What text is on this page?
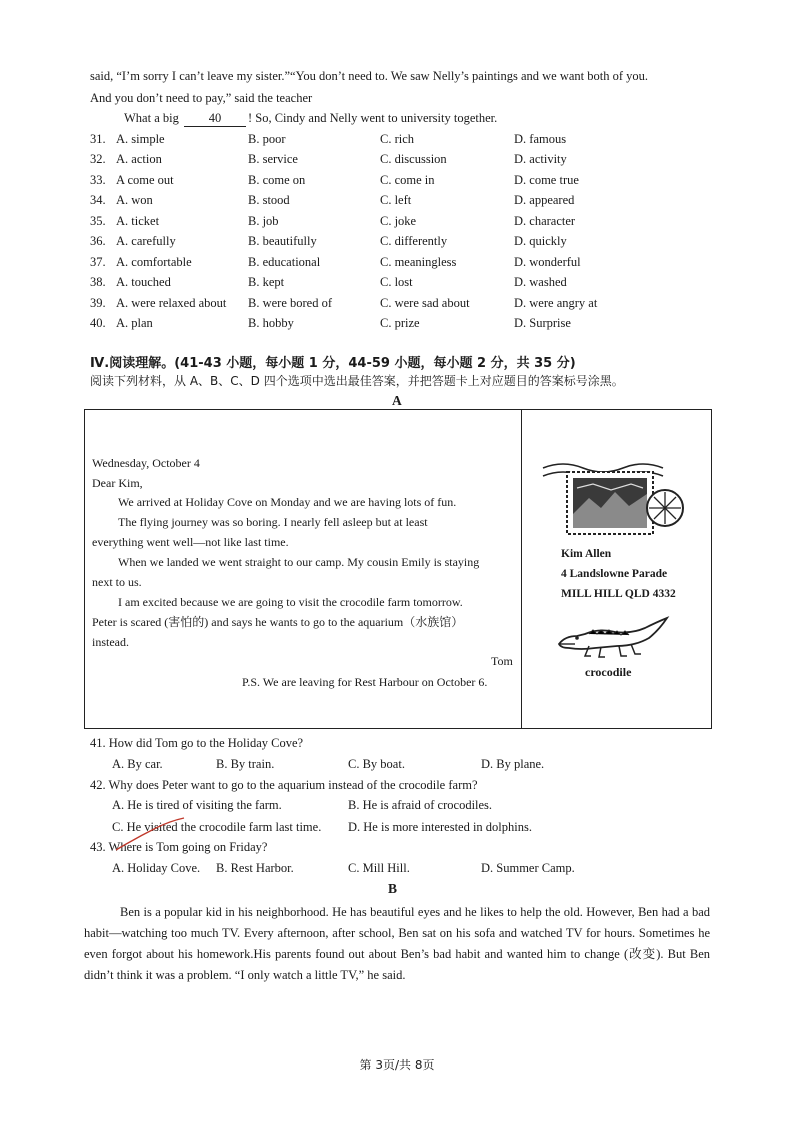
said, “I’m sorry I can’t leave my sister.”“You don’t need to. We saw Nelly’s paintings and we want both of you.
And you don’t need to pay,” said the teacher
What a big 40 ! So, Cindy and Nelly went to university together.
31. A. simple	B. poor	C. rich	D. famous
32. A. action	B. service	C. discussion	D. activity
33. A come out	B. come on	C. come in	D. come true
34. A. won	B. stood	C. left	D. appeared
35. A. ticket	B. job	C. joke	D. character
36. A. carefully	B. beautifully	C. differently	D. quickly
37. A. comfortable	B. educational	C. meaningless	D. wonderful
38. A. touched	B. kept	C. lost	D. washed
39. A. were relaxed about B. were bored of	C. were sad about	D. were angry at
40. A. plan	B. hobby	C. prize	D. Surprise
Ⅳ.阅读理解。(41-43 小题，每小题 1 分，44-59 小题，每小题 2 分，共 35 分)
阅读下列材料，从 A、B、C、D 四个选项中选出最佳答案，并把答题卡上对应题目的答案标号涂黑。
A
Wednesday, October 4
Dear Kim,
We arrived at Holiday Cove on Monday and we are having lots of fun.
The flying journey was so boring. I nearly fell asleep but at least
everything went well—not like last time.
When we landed we went straight to our camp. My cousin Emily is staying
next to us.
I am excited because we are going to visit the crocodile farm tomorrow.
Peter is scared (害怕的) and says he wants to go to the aquarium（水族馆）
instead.
Tom
P.S. We are leaving for Rest Harbour on October 6.
Kim Allen
4 Landslowne Parade
MILL HILL QLD 4332
crocodile
41. How did Tom go to the Holiday Cove?
A. By car.	B. By train.	C. By boat.	D. By plane.
42. Why does Peter want to go to the aquarium instead of the crocodile farm?
A. He is tired of visiting the farm.	B. He is afraid of crocodiles.
C. He visited the crocodile farm last time. D. He is more interested in dolphins.
43. Where is Tom going on Friday?
A. Holiday Cove. B. Rest Harbor.	C. Mill Hill.	D. Summer Camp.
B
Ben is a popular kid in his neighborhood. He has beautiful eyes and he likes to help the old. However, Ben had a bad habit—watching too much TV. Every afternoon, after school, Ben sat on his sofa and watched TV for hours. Sometimes he even forgot about his homework.His parents found out about Ben’s bad habit and wanted him to change (改变). But Ben didn’t think it was a problem. “I only watch a little TV,” he said.
第 3页/共 8页
